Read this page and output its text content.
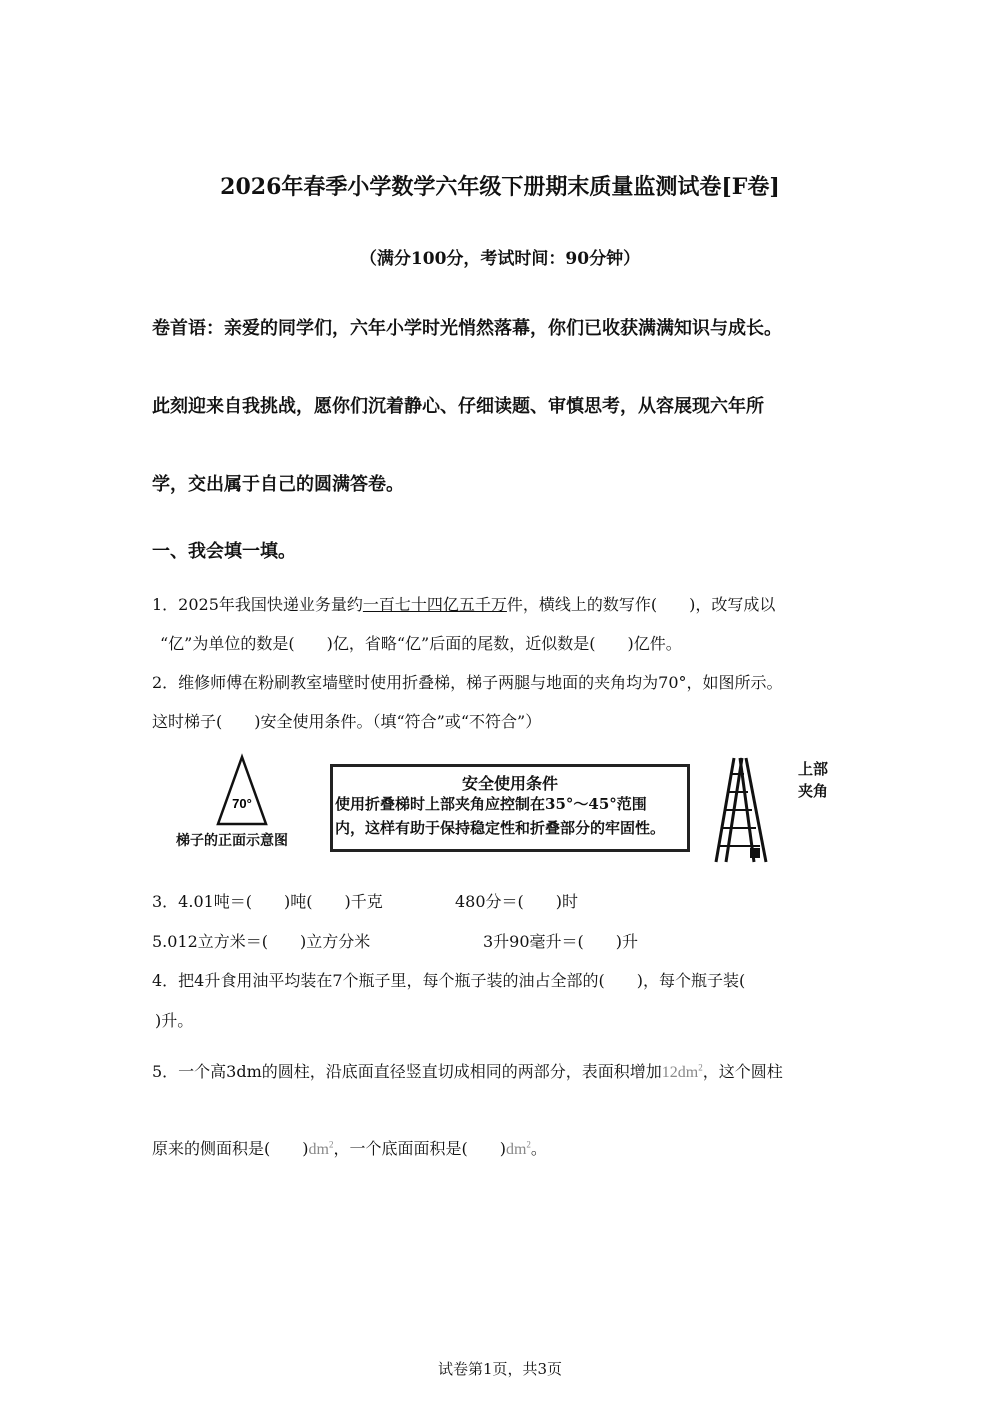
2026年春季小学数学六年级下册期末质量监测试卷[F卷]
（满分100分，考试时间：90分钟）
卷首语：亲爱的同学们，六年小学时光悄然落幕，你们已收获满满知识与成长。
此刻迎来自我挑战，愿你们沉着静心、仔细读题、审慎思考，从容展现六年所
学，交出属于自己的圆满答卷。
一、我会填一填。
1．2025年我国快递业务量约一百七十四亿五千万件，横线上的数写作(　　)，改写成以
“亿”为单位的数是(　　)亿，省略“亿”后面的尾数，近似数是(　　)亿件。
2．维修师傅在粉刷教室墙壁时使用折叠梯，梯子两腿与地面的夹角均为70°，如图所示。
这时梯子(　　)安全使用条件。（填“符合”或“不符合”）
70°
梯子的正面示意图
安全使用条件
使用折叠梯时上部夹角应控制在35°～45°范围
内，这样有助于保持稳定性和折叠部分的牢固性。
上部
夹角
3．4.01吨＝(　　)吨(　　)千克	480分＝(　　)时
5.012立方米＝(　　)立方分米	3升90毫升＝(　　)升
4．把4升食用油平均装在7个瓶子里，每个瓶子装的油占全部的(　　)，每个瓶子装(
)升。
5．一个高3dm的圆柱，沿底面直径竖直切成相同的两部分，表面积增加$12dm^2$，这个圆柱
原来的侧面积是(　　)$dm^2$，一个底面面积是(　　)$dm^2$。
试卷第1页，共3页
